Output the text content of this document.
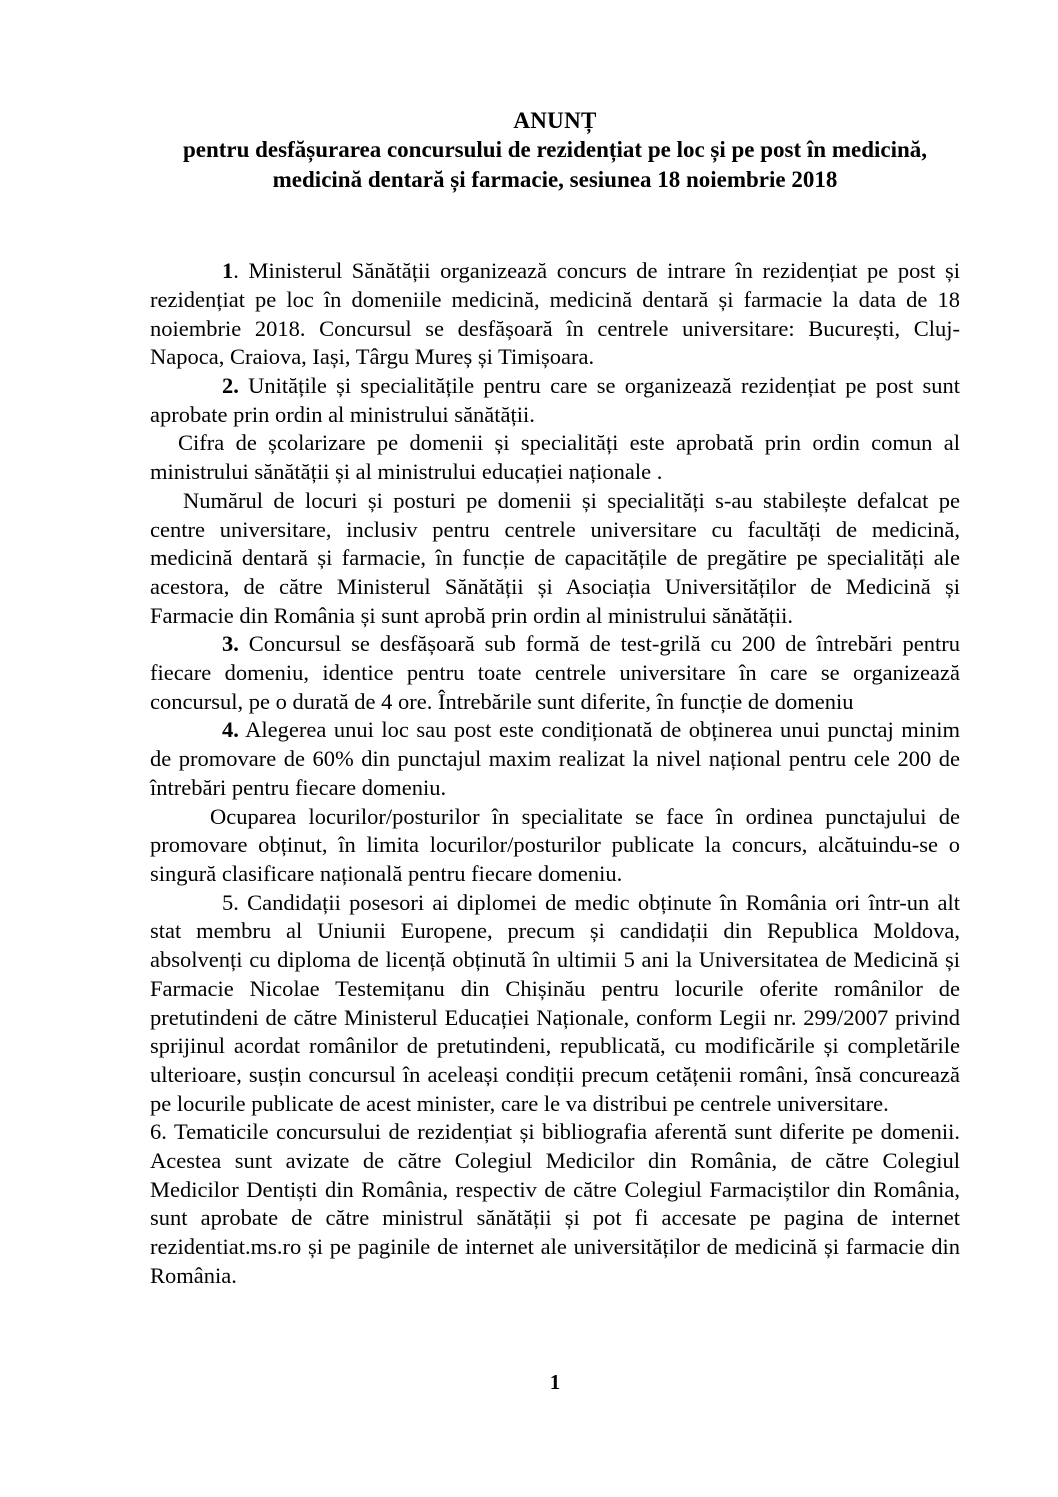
ANUNȚ

pentru desfășurarea concursului de rezidențiat pe loc și pe post în medicină, medicină dentară și farmacie, sesiunea 18 noiembrie 2018

1. Ministerul Sănătății organizează concurs de intrare în rezidențiat pe post și rezidențiat pe loc în domeniile medicină, medicină dentară și farmacie la data de 18 noiembrie 2018. Concursul se desfășoară în centrele universitare: București, Cluj-Napoca, Craiova, Iași, Târgu Mureș și Timișoara.

2. Unitățile și specialitățile pentru care se organizează rezidențiat pe post sunt aprobate prin ordin al ministrului sănătății.

Cifra de școlarizare pe domenii și specialități este aprobată prin ordin comun al ministrului sănătății și al ministrului educației naționale .

Numărul de locuri și posturi pe domenii și specialități s-au stabilește defalcat pe centre universitare, inclusiv pentru centrele universitare cu facultăți de medicină, medicină dentară și farmacie, în funcție de capacitățile de pregătire pe specialități ale acestora, de către Ministerul Sănătății și Asociația Universităților de Medicină și Farmacie din România și sunt aprobă prin ordin al ministrului sănătății.

3. Concursul se desfășoară sub formă de test-grilă cu 200 de întrebări pentru fiecare domeniu, identice pentru toate centrele universitare în care se organizează concursul, pe o durată de 4 ore. Întrebările sunt diferite, în funcție de domeniu

4. Alegerea unui loc sau post este condiționată de obținerea unui punctaj minim de promovare de 60% din punctajul maxim realizat la nivel național pentru cele 200 de întrebări pentru fiecare domeniu.

Ocuparea locurilor/posturilor în specialitate se face în ordinea punctajului de promovare obținut, în limita locurilor/posturilor publicate la concurs, alcătuindu-se o singură clasificare națională pentru fiecare domeniu.

5. Candidații posesori ai diplomei de medic obținute în România ori într-un alt stat membru al Uniunii Europene, precum și candidații din Republica Moldova, absolvenți cu diploma de licență obținută în ultimii 5 ani la Universitatea de Medicină și Farmacie Nicolae Testemițanu din Chișinău pentru locurile oferite românilor de pretutindeni de către Ministerul Educației Naționale, conform Legii nr. 299/2007 privind sprijinul acordat românilor de pretutindeni, republicată, cu modificările și completările ulterioare, susțin concursul în aceleași condiții precum cetățenii români, însă concurează pe locurile publicate de acest minister, care le va distribui pe centrele universitare.

6. Tematicile concursului de rezidențiat și bibliografia aferentă sunt diferite pe domenii. Acestea sunt avizate de către Colegiul Medicilor din România, de către Colegiul Medicilor Dentiști din România, respectiv de către Colegiul Farmaciștilor din România, sunt aprobate de către ministrul sănătății și pot fi accesate pe pagina de internet rezidentiat.ms.ro și pe paginile de internet ale universităților de medicină și farmacie din România.

1
